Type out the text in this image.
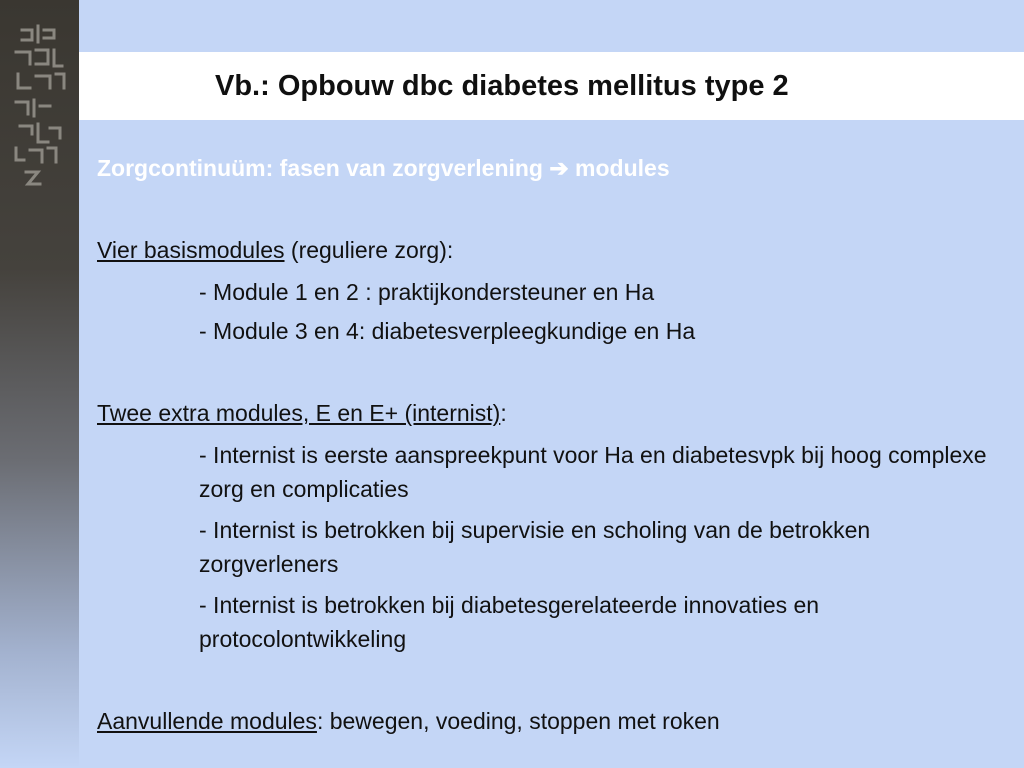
Vb.: Opbouw dbc diabetes mellitus type 2
Zorgcontinuüm: fasen van zorgverlening ➔ modules
Vier basismodules (reguliere zorg):
- Module 1 en 2 : praktijkondersteuner en Ha
- Module 3 en 4: diabetesverpleegkundige en Ha
Twee extra modules, E en E+ (internist):
- Internist is eerste aanspreekpunt voor Ha en diabetesvpk bij hoog complexe zorg en complicaties
- Internist is betrokken bij supervisie en scholing van de betrokken zorgverleners
- Internist is betrokken bij diabetesgerelateerde innovaties en protocolontwikkeling
Aanvullende modules: bewegen, voeding, stoppen met roken
